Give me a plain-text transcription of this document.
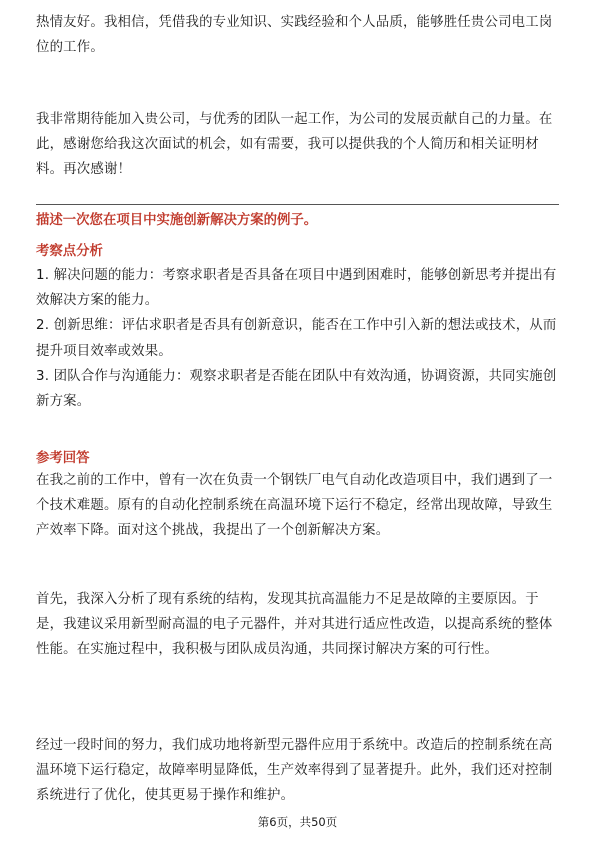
热情友好。我相信，凭借我的专业知识、实践经验和个人品质，能够胜任贵公司电工岗位的工作。

我非常期待能加入贵公司，与优秀的团队一起工作，为公司的发展贡献自己的力量。在此，感谢您给我这次面试的机会，如有需要，我可以提供我的个人简历和相关证明材料。再次感谢！

描述一次您在项目中实施创新解决方案的例子。
考察点分析

1. 解决问题的能力：考察求职者是否具备在项目中遇到困难时，能够创新思考并提出有效解决方案的能力。

2. 创新思维：评估求职者是否具有创新意识，能否在工作中引入新的想法或技术，从而提升项目效率或效果。

3. 团队合作与沟通能力：观察求职者是否能在团队中有效沟通，协调资源，共同实施创新方案。

参考回答

在我之前的工作中，曾有一次在负责一个钢铁厂电气自动化改造项目中，我们遇到了一个技术难题。原有的自动化控制系统在高温环境下运行不稳定，经常出现故障，导致生产效率下降。面对这个挑战，我提出了一个创新解决方案。

首先，我深入分析了现有系统的结构，发现其抗高温能力不足是故障的主要原因。于是，我建议采用新型耐高温的电子元器件，并对其进行适应性改造，以提高系统的整体性能。在实施过程中，我积极与团队成员沟通，共同探讨解决方案的可行性。

经过一段时间的努力，我们成功地将新型元器件应用于系统中。改造后的控制系统在高温环境下运行稳定，故障率明显降低，生产效率得到了显著提升。此外，我们还对控制系统进行了优化，使其更易于操作和维护。

第6页，共50页
